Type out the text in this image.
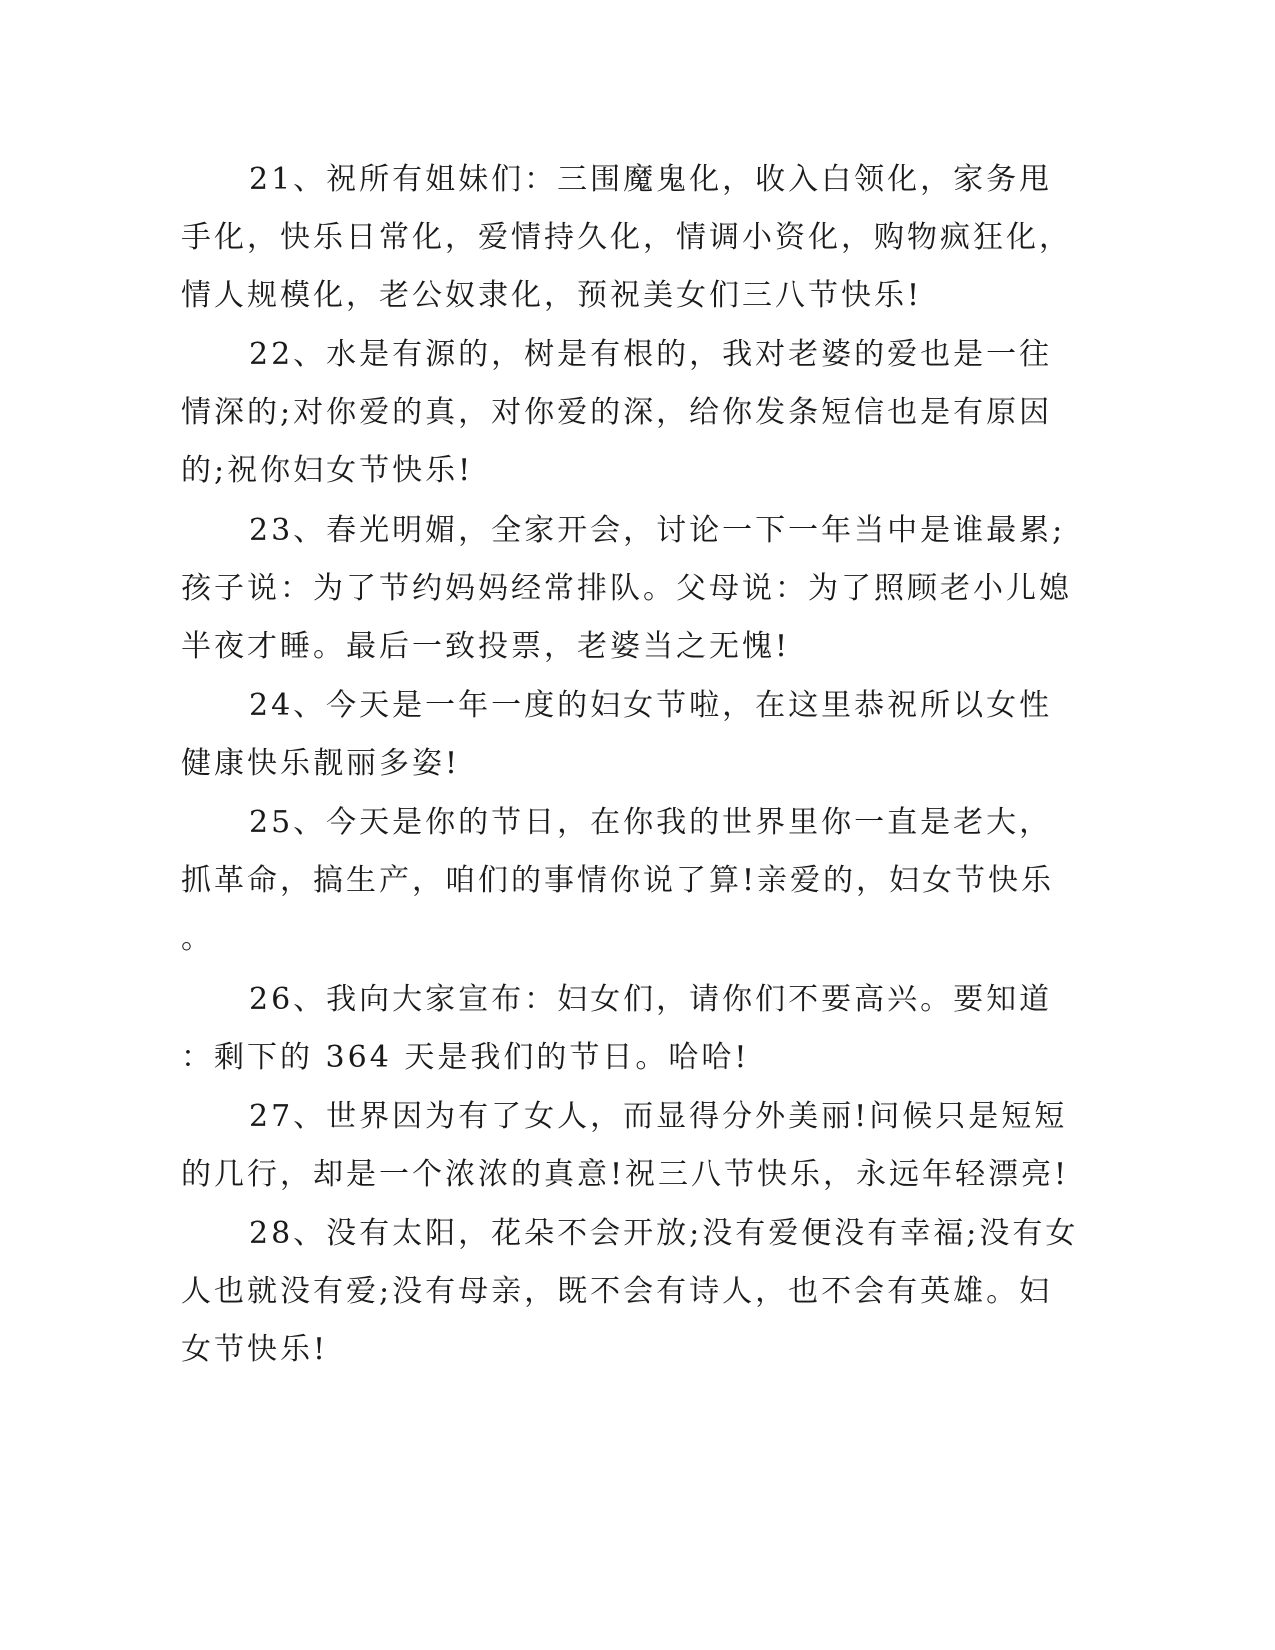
21、祝所有姐妹们：三围魔鬼化，收入白领化，家务甩
手化，快乐日常化，爱情持久化，情调小资化，购物疯狂化，
情人规模化，老公奴隶化，预祝美女们三八节快乐!
22、水是有源的，树是有根的，我对老婆的爱也是一往
情深的;对你爱的真，对你爱的深，给你发条短信也是有原因
的;祝你妇女节快乐!
23、春光明媚，全家开会，讨论一下一年当中是谁最累;
孩子说：为了节约妈妈经常排队。父母说：为了照顾老小儿媳
半夜才睡。最后一致投票，老婆当之无愧!
24、今天是一年一度的妇女节啦，在这里恭祝所以女性
健康快乐靓丽多姿!
25、今天是你的节日，在你我的世界里你一直是老大，
抓革命，搞生产，咱们的事情你说了算!亲爱的，妇女节快乐
。
26、我向大家宣布：妇女们，请你们不要高兴。要知道
：剩下的 364 天是我们的节日。哈哈!
27、世界因为有了女人，而显得分外美丽!问候只是短短
的几行，却是一个浓浓的真意!祝三八节快乐，永远年轻漂亮!
28、没有太阳，花朵不会开放;没有爱便没有幸福;没有女
人也就没有爱;没有母亲，既不会有诗人，也不会有英雄。妇
女节快乐!
